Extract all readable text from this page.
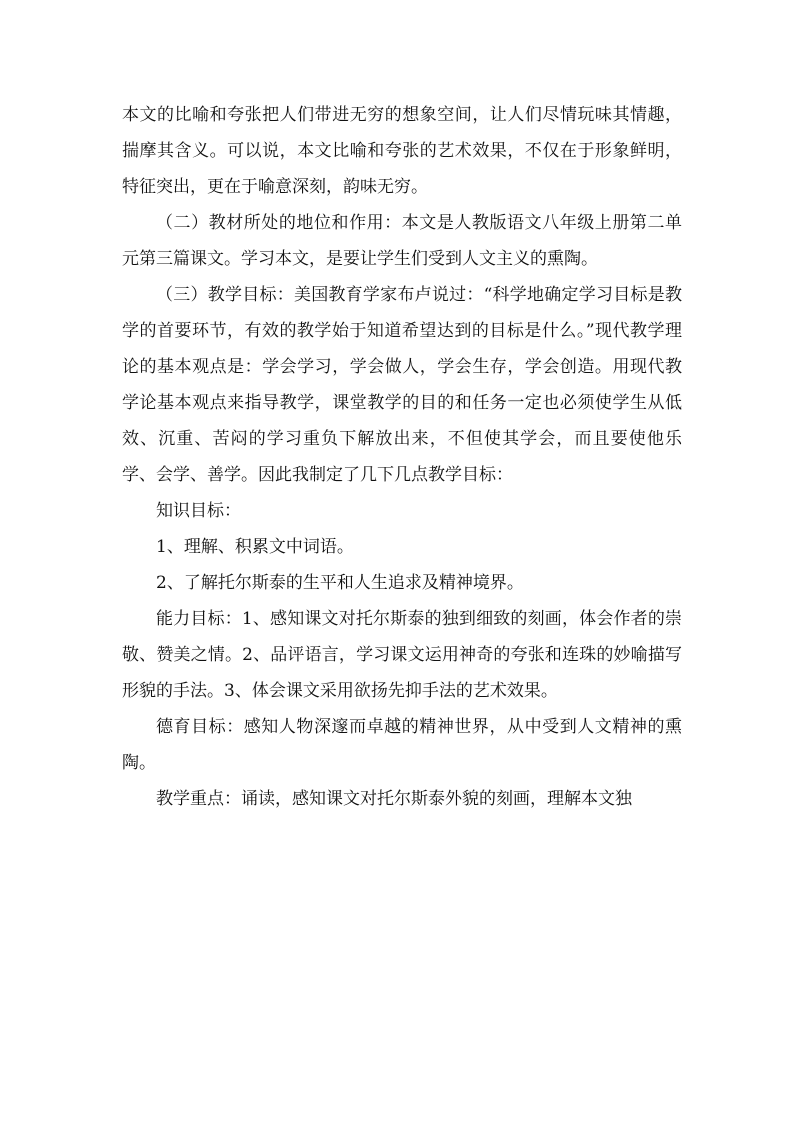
本文的比喻和夸张把人们带进无穷的想象空间，让人们尽情玩味其情趣，揣摩其含义。可以说，本文比喻和夸张的艺术效果，不仅在于形象鲜明，特征突出，更在于喻意深刻，韵味无穷。

（二）教材所处的地位和作用：本文是人教版语文八年级上册第二单元第三篇课文。学习本文，是要让学生们受到人文主义的熏陶。

（三）教学目标：美国教育学家布卢说过：“科学地确定学习目标是教学的首要环节，有效的教学始于知道希望达到的目标是什么。”现代教学理论的基本观点是：学会学习，学会做人，学会生存，学会创造。用现代教学论基本观点来指导教学，课堂教学的目的和任务一定也必须使学生从低效、沉重、苦闷的学习重负下解放出来，不但使其学会，而且要使他乐学、会学、善学。因此我制定了几下几点教学目标：

知识目标：

1、理解、积累文中词语。

2、了解托尔斯泰的生平和人生追求及精神境界。

能力目标：1、感知课文对托尔斯泰的独到细致的刻画，体会作者的崇敬、赞美之情。2、品评语言，学习课文运用神奇的夸张和连珠的妙喻描写形貌的手法。3、体会课文采用欲扬先抑手法的艺术效果。

德育目标：感知人物深邃而卓越的精神世界，从中受到人文精神的熏陶。

教学重点：诵读，感知课文对托尔斯泰外貌的刻画，理解本文独
